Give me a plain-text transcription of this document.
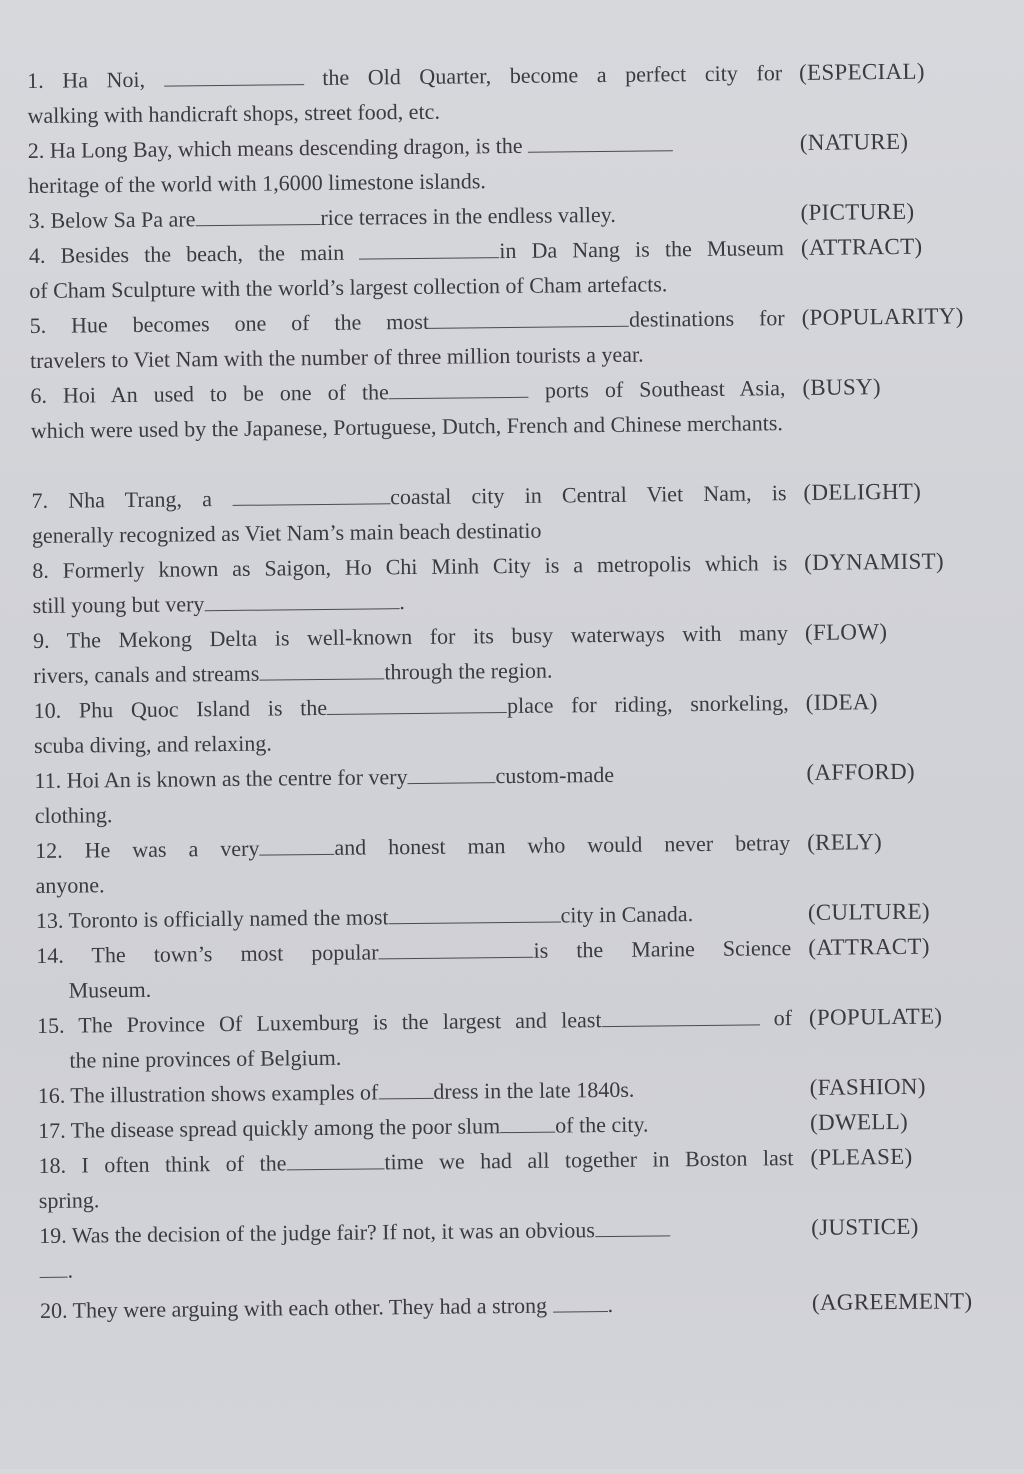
1. Ha Noi,	the Old Quarter, become a perfect city for
walking with handicraft shops, street food, etc.
(ESPECIAL)
2. Ha Long Bay, which means descending dragon, is the
heritage of the world with 1,6000 limestone islands.
(NATURE)
3. Below Sa Pa are	rice terraces in the endless valley.	(PICTURE)
4. Besides the beach, the main	in Da Nang is the Museum
of Cham Sculpture with the world’s largest collection of Cham artefacts.
(ATTRACT)
5. Hue becomes one of the most	destinations for
travelers to Viet Nam with the number of three million tourists a year.
(POPULARITY)
6. Hoi An used to be one of the	ports of Southeast Asia,
which were used by the Japanese, Portuguese, Dutch, French and Chinese merchants.
(BUSY)
7. Nha Trang, a	coastal city in Central Viet Nam, is
generally recognized as Viet Nam’s main beach destinatio
(DELIGHT)
8. Formerly known as Saigon, Ho Chi Minh City is a metropolis which is
still young but very	.
(DYNAMIST)
9. The Mekong Delta is well-known for its busy waterways with many
rivers, canals and streams	through the region.
(FLOW)
10. Phu Quoc Island is the	place for riding, snorkeling,
scuba diving, and relaxing.
(IDEA)
11. Hoi An is known as the centre for very	custom-made
clothing.
(AFFORD)
12. He was a very	and honest man who would never betray
anyone.
(RELY)
13. Toronto is officially named the most	city in Canada.	(CULTURE)
14. The town’s most popular	is the Marine Science
Museum.
(ATTRACT)
15. The Province Of Luxemburg is the largest and least	of
the nine provinces of Belgium.
(POPULATE)
16. The illustration shows examples of dress in the late 1840s.	(FASHION)
17. The disease spread quickly among the poor slum of the city.	(DWELL)
18. I often think of the	time we had all together in Boston last
spring.
(PLEASE)
19. Was the decision of the judge fair? If not, it was an obvious
.
(JUSTICE)
20. They were arguing with each other. They had a strong	.	(AGREEMENT)
